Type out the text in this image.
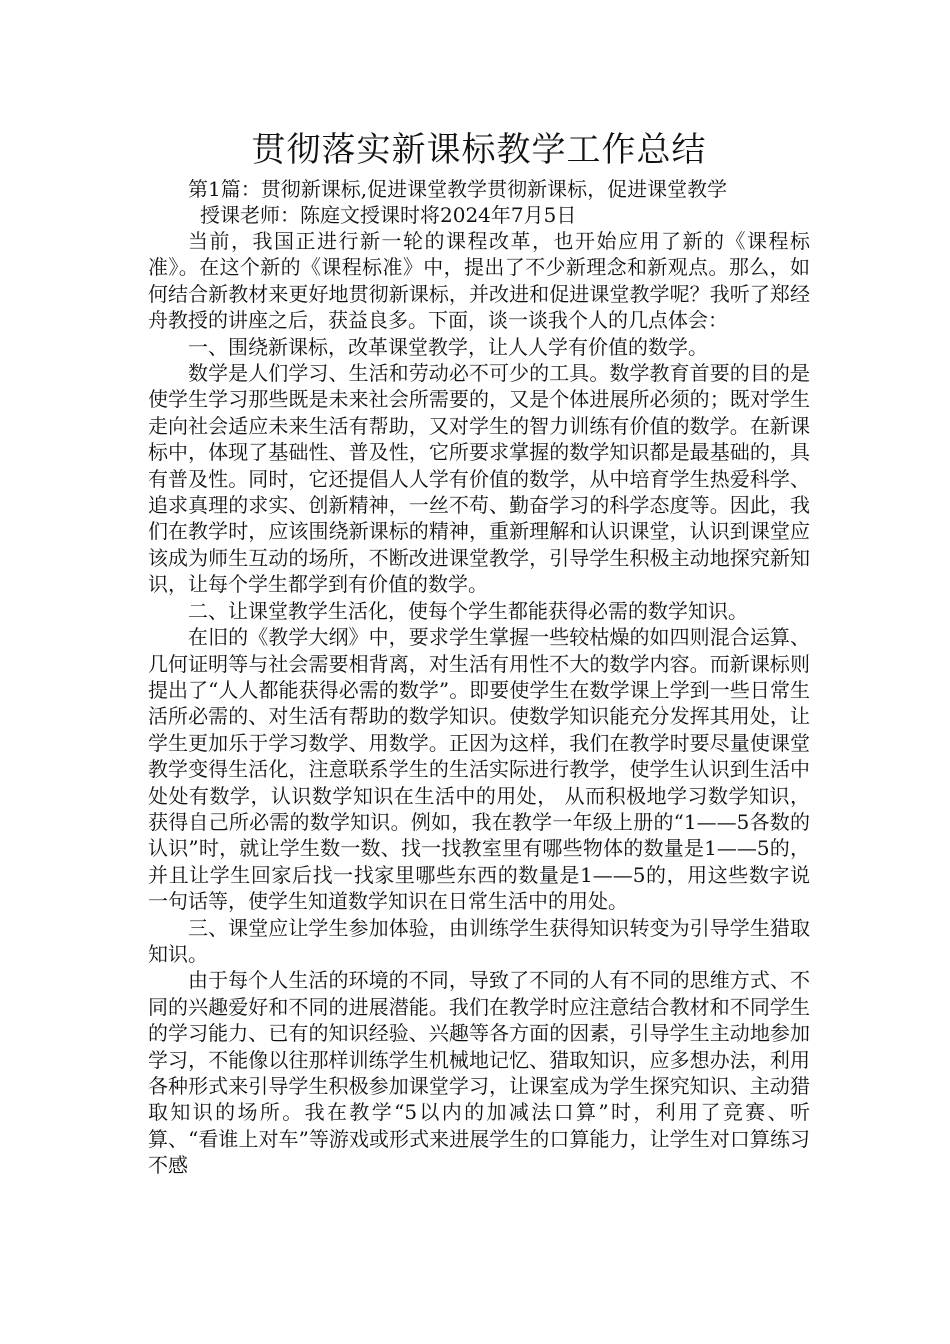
贯彻落实新课标教学工作总结

第1篇：贯彻新课标,促进课堂教学贯彻新课标，促进课堂教学

授课老师：陈庭文授课时将2024年7月5日

当前，我国正进行新一轮的课程改革，也开始应用了新的《课程标准》。在这个新的《课程标准》中，提出了不少新理念和新观点。那么，如何结合新教材来更好地贯彻新课标，并改进和促进课堂教学呢？我听了郑经舟教授的讲座之后，获益良多。下面，谈一谈我个人的几点体会：

一、围绕新课标，改革课堂教学，让人人学有价值的数学。

数学是人们学习、生活和劳动必不可少的工具。数学教育首要的目的是使学生学习那些既是未来社会所需要的，又是个体进展所必须的；既对学生走向社会适应未来生活有帮助，又对学生的智力训练有价值的数学。在新课标中，体现了基础性、普及性，它所要求掌握的数学知识都是最基础的，具有普及性。同时，它还提倡人人学有价值的数学，从中培育学生热爱科学、追求真理的求实、创新精神，一丝不苟、勤奋学习的科学态度等。因此，我们在教学时，应该围绕新课标的精神，重新理解和认识课堂，认识到课堂应该成为师生互动的场所，不断改进课堂教学，引导学生积极主动地探究新知识，让每个学生都学到有价值的数学。

二、让课堂教学生活化，使每个学生都能获得必需的数学知识。

在旧的《教学大纲》中，要求学生掌握一些较枯燥的如四则混合运算、几何证明等与社会需要相背离，对生活有用性不大的数学内容。而新课标则提出了“人人都能获得必需的数学”。即要使学生在数学课上学到一些日常生活所必需的、对生活有帮助的数学知识。使数学知识能充分发挥其用处，让学生更加乐于学习数学、用数学。正因为这样，我们在教学时要尽量使课堂教学变得生活化，注意联系学生的生活实际进行教学，使学生认识到生活中处处有数学，认识数学知识在生活中的用处， 从而积极地学习数学知识，获得自己所必需的数学知识。例如，我在教学一年级上册的“1——5各数的认识”时，就让学生数一数、找一找教室里有哪些物体的数量是1——5的，并且让学生回家后找一找家里哪些东西的数量是1——5的，用这些数字说一句话等，使学生知道数学知识在日常生活中的用处。

三、课堂应让学生参加体验，由训练学生获得知识转变为引导学生猎取知识。

由于每个人生活的环境的不同，导致了不同的人有不同的思维方式、不同的兴趣爱好和不同的进展潜能。我们在教学时应注意结合教材和不同学生的学习能力、已有的知识经验、兴趣等各方面的因素，引导学生主动地参加学习，不能像以往那样训练学生机械地记忆、猎取知识，应多想办法，利用各种形式来引导学生积极参加课堂学习，让课室成为学生探究知识、主动猎取知识的场所。我在教学“5以内的加减法口算”时，利用了竞赛、听算、“看谁上对车”等游戏或形式来进展学生的口算能力，让学生对口算练习不感
